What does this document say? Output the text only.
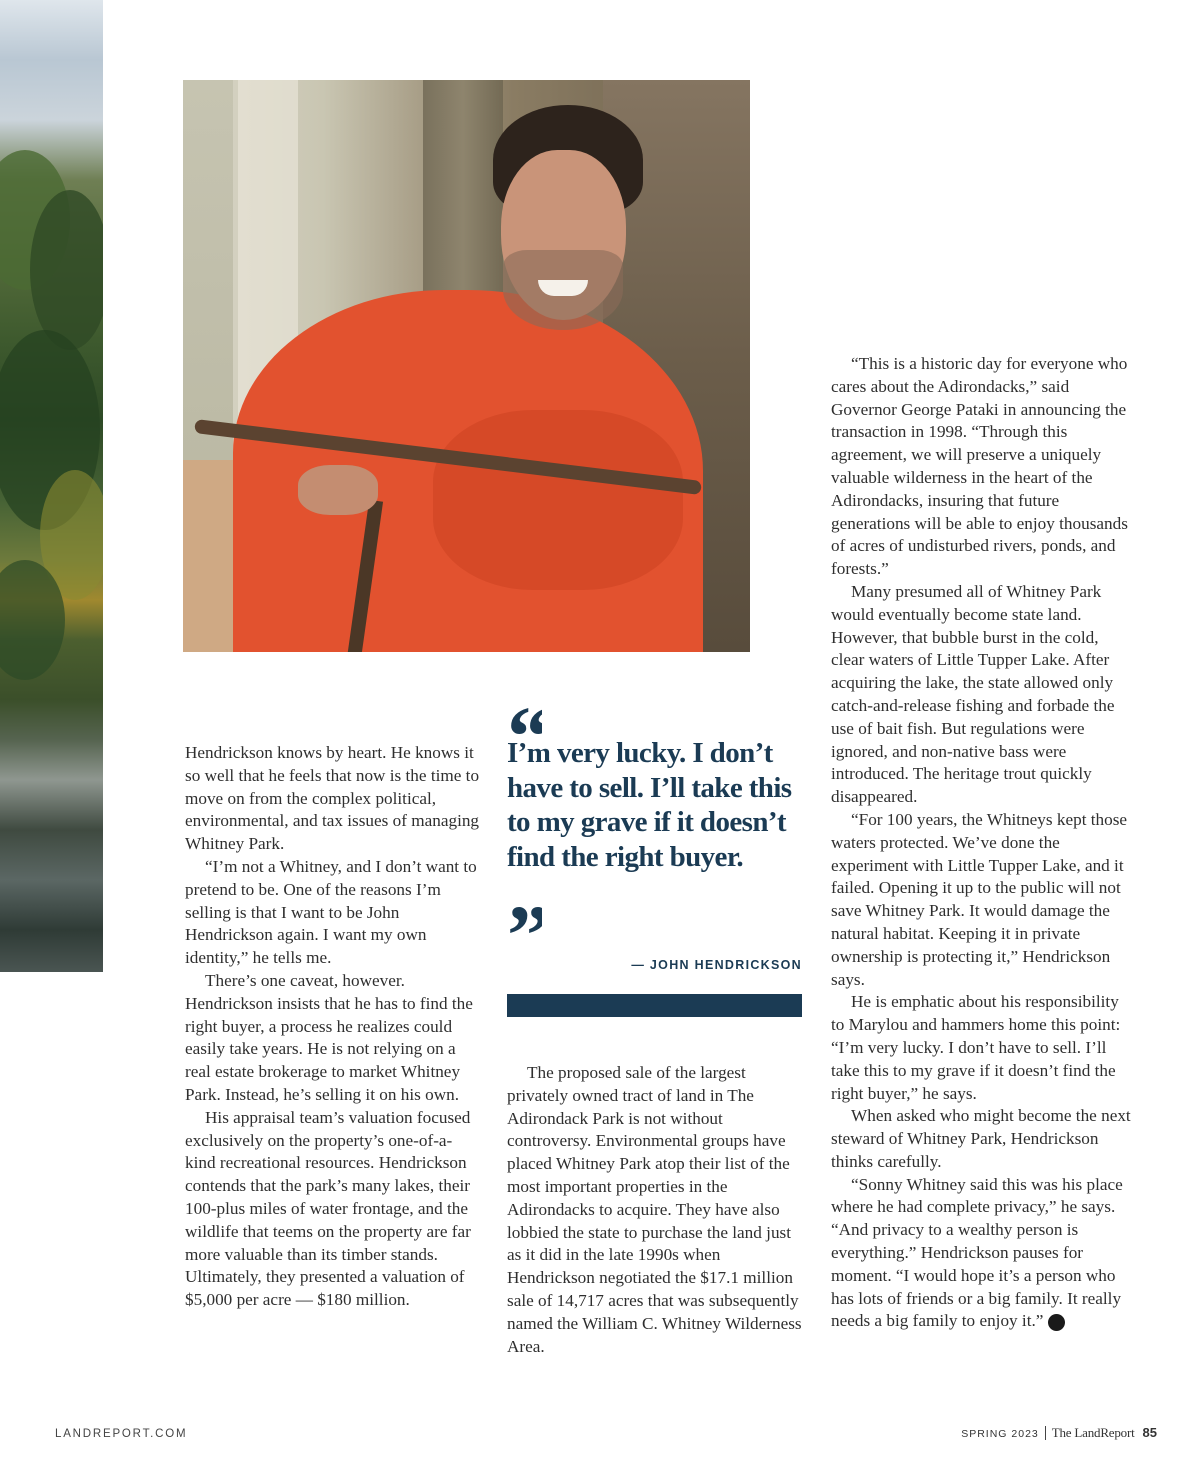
Hendrickson knows by heart. He knows it so well that he feels that now is the time to move on from the complex political, environmental, and tax issues of managing Whitney Park.

“I’m not a Whitney, and I don’t want to pretend to be. One of the reasons I’m selling is that I want to be John Hendrickson again. I want my own identity,” he tells me.

There’s one caveat, however. Hendrickson insists that he has to find the right buyer, a process he realizes could easily take years. He is not relying on a real estate brokerage to market Whitney Park. Instead, he’s selling it on his own.

His appraisal team’s valuation focused exclusively on the property’s one-of-a-kind recreational resources. Hendrickson contends that the park’s many lakes, their 100-plus miles of water frontage, and the wildlife that teems on the property are far more valuable than its timber stands. Ultimately, they presented a valuation of $5,000 per acre — $180 million.

I’m very lucky. I don’t have to sell. I’ll take this to my grave if it doesn’t find the right buyer.
— JOHN HENDRICKSON

The proposed sale of the largest privately owned tract of land in The Adirondack Park is not without controversy. Environmental groups have placed Whitney Park atop their list of the most important properties in the Adirondacks to acquire. They have also lobbied the state to purchase the land just as it did in the late 1990s when Hendrickson negotiated the $17.1 million sale of 14,717 acres that was subsequently named the William C. Whitney Wilderness Area.

“This is a historic day for everyone who cares about the Adirondacks,” said Governor George Pataki in announcing the transaction in 1998. “Through this agreement, we will preserve a uniquely valuable wilderness in the heart of the Adirondacks, insuring that future generations will be able to enjoy thousands of acres of undisturbed rivers, ponds, and forests.”

Many presumed all of Whitney Park would eventually become state land. However, that bubble burst in the cold, clear waters of Little Tupper Lake. After acquiring the lake, the state allowed only catch-and-release fishing and forbade the use of bait fish. But regulations were ignored, and non-native bass were introduced. The heritage trout quickly disappeared.

“For 100 years, the Whitneys kept those waters protected. We’ve done the experiment with Little Tupper Lake, and it failed. Opening it up to the public will not save Whitney Park. It would damage the natural habitat. Keeping it in private ownership is protecting it,” Hendrickson says.

He is emphatic about his responsibility to Marylou and hammers home this point: “I’m very lucky. I don’t have to sell. I’ll take this to my grave if it doesn’t find the right buyer,” he says.

When asked who might become the next steward of Whitney Park, Hendrickson thinks carefully.

“Sonny Whitney said this was his place where he had complete privacy,” he says. “And privacy to a wealthy person is everything.” Hendrickson pauses for moment. “I would hope it’s a person who has lots of friends or a big family. It really needs a big family to enjoy it.”	LR

LANDREPORT.COM	SPRING 2023 The LandReport 85
